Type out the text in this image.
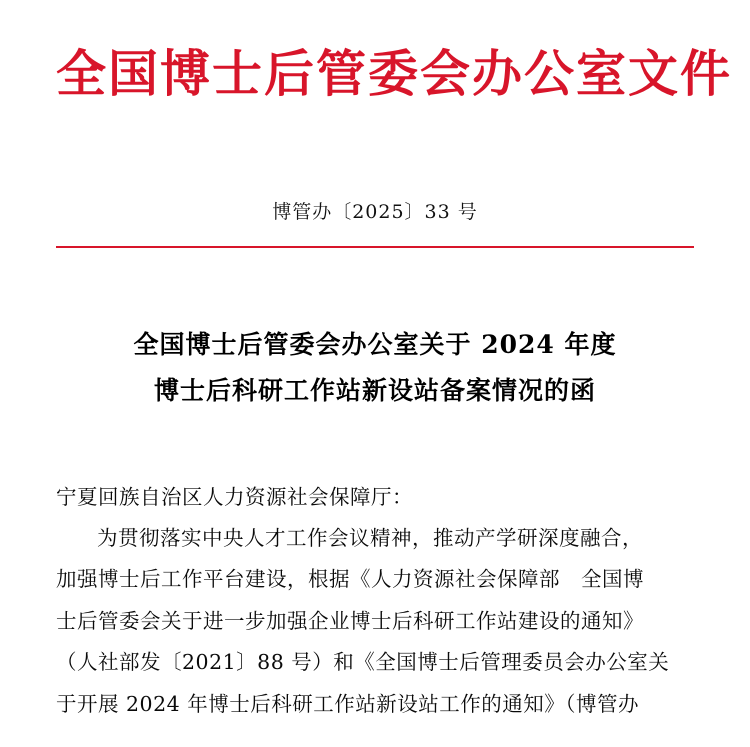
全国博士后管委会办公室文件
博管办〔2025〕33 号
全国博士后管委会办公室关于 2024 年度
博士后科研工作站新设站备案情况的函
宁夏回族自治区人力资源社会保障厅：
为贯彻落实中央人才工作会议精神，推动产学研深度融合，
加强博士后工作平台建设，根据《人力资源社会保障部　全国博
士后管委会关于进一步加强企业博士后科研工作站建设的通知》
（人社部发〔2021〕88 号）和《全国博士后管理委员会办公室关
于开展 2024 年博士后科研工作站新设站工作的通知》（博管办
